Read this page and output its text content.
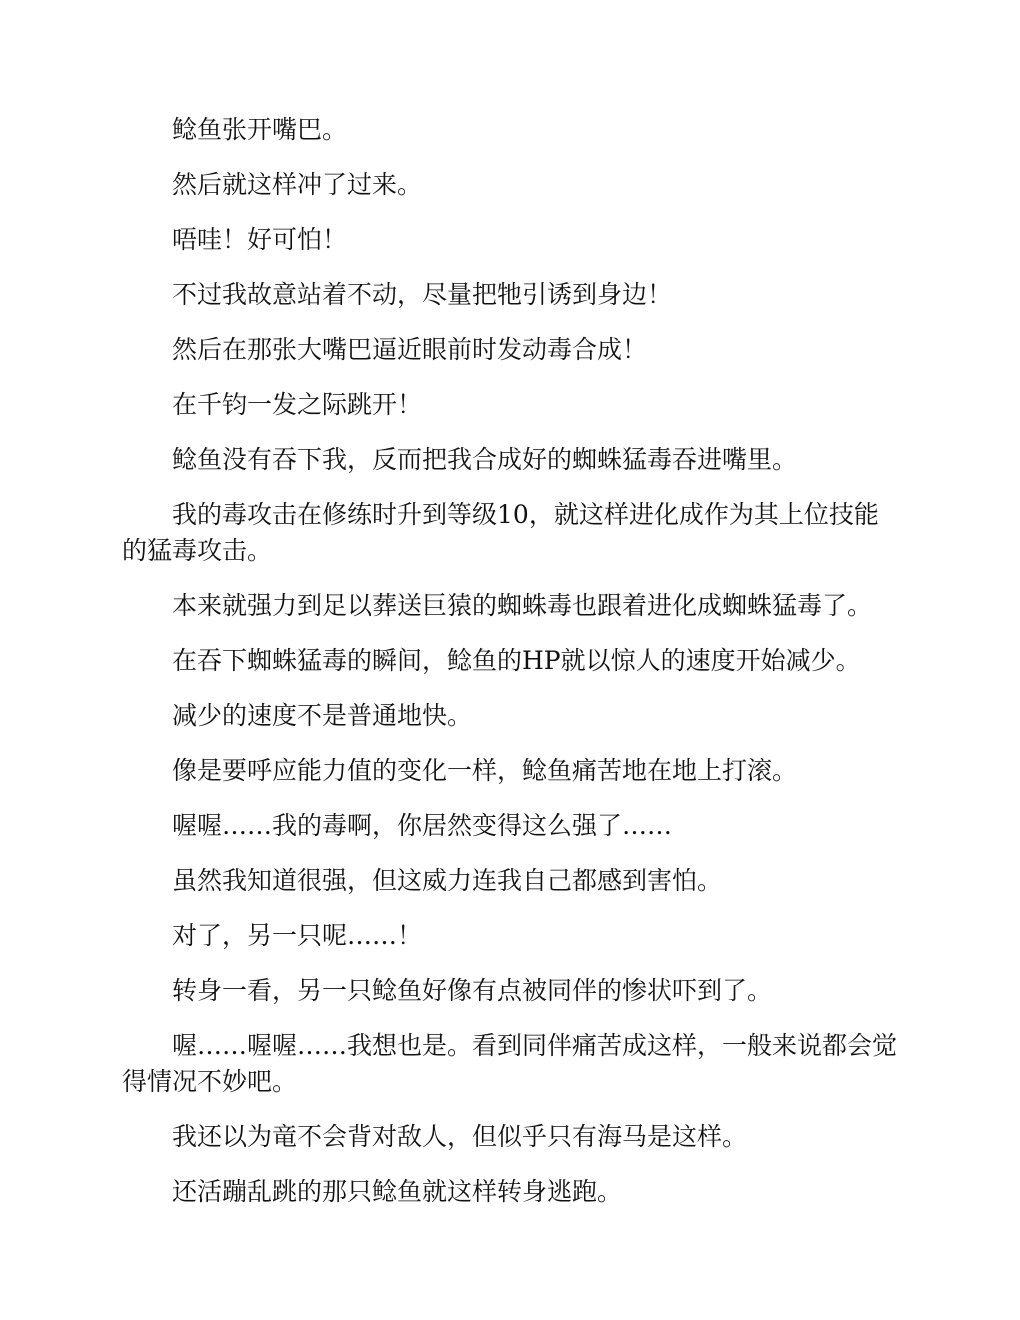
鲶鱼张开嘴巴。

然后就这样冲了过来。

唔哇！好可怕！

不过我故意站着不动，尽量把牠引诱到身边！

然后在那张大嘴巴逼近眼前时发动毒合成！

在千钧一发之际跳开！

鲶鱼没有吞下我，反而把我合成好的蜘蛛猛毒吞进嘴里。

我的毒攻击在修练时升到等级10，就这样进化成作为其上位技能的猛毒攻击。

本来就强力到足以葬送巨猿的蜘蛛毒也跟着进化成蜘蛛猛毒了。

在吞下蜘蛛猛毒的瞬间，鲶鱼的HP就以惊人的速度开始减少。

减少的速度不是普通地快。

像是要呼应能力值的变化一样，鲶鱼痛苦地在地上打滚。

喔喔……我的毒啊，你居然变得这么强了……

虽然我知道很强，但这威力连我自己都感到害怕。

对了，另一只呢……！

转身一看，另一只鲶鱼好像有点被同伴的惨状吓到了。

喔……喔喔……我想也是。看到同伴痛苦成这样，一般来说都会觉得情况不妙吧。

我还以为竜不会背对敌人，但似乎只有海马是这样。

还活蹦乱跳的那只鲶鱼就这样转身逃跑。
